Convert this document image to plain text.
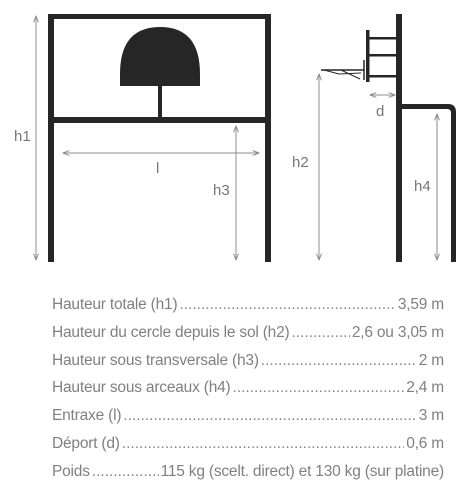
h1
l
h3
d
h2
h4
Hauteur totale (h1) .....	3,59 m
Hauteur du cercle depuis le sol (h2) .....	2,6 ou 3,05 m
Hauteur sous transversale (h3) .....	2 m
Hauteur sous arceaux (h4) .....	2,4 m
Entraxe (l) .....	3 m
Déport (d) .....	0,6 m
Poids .....	115 kg (scelt. direct) et 130 kg (sur platine)
